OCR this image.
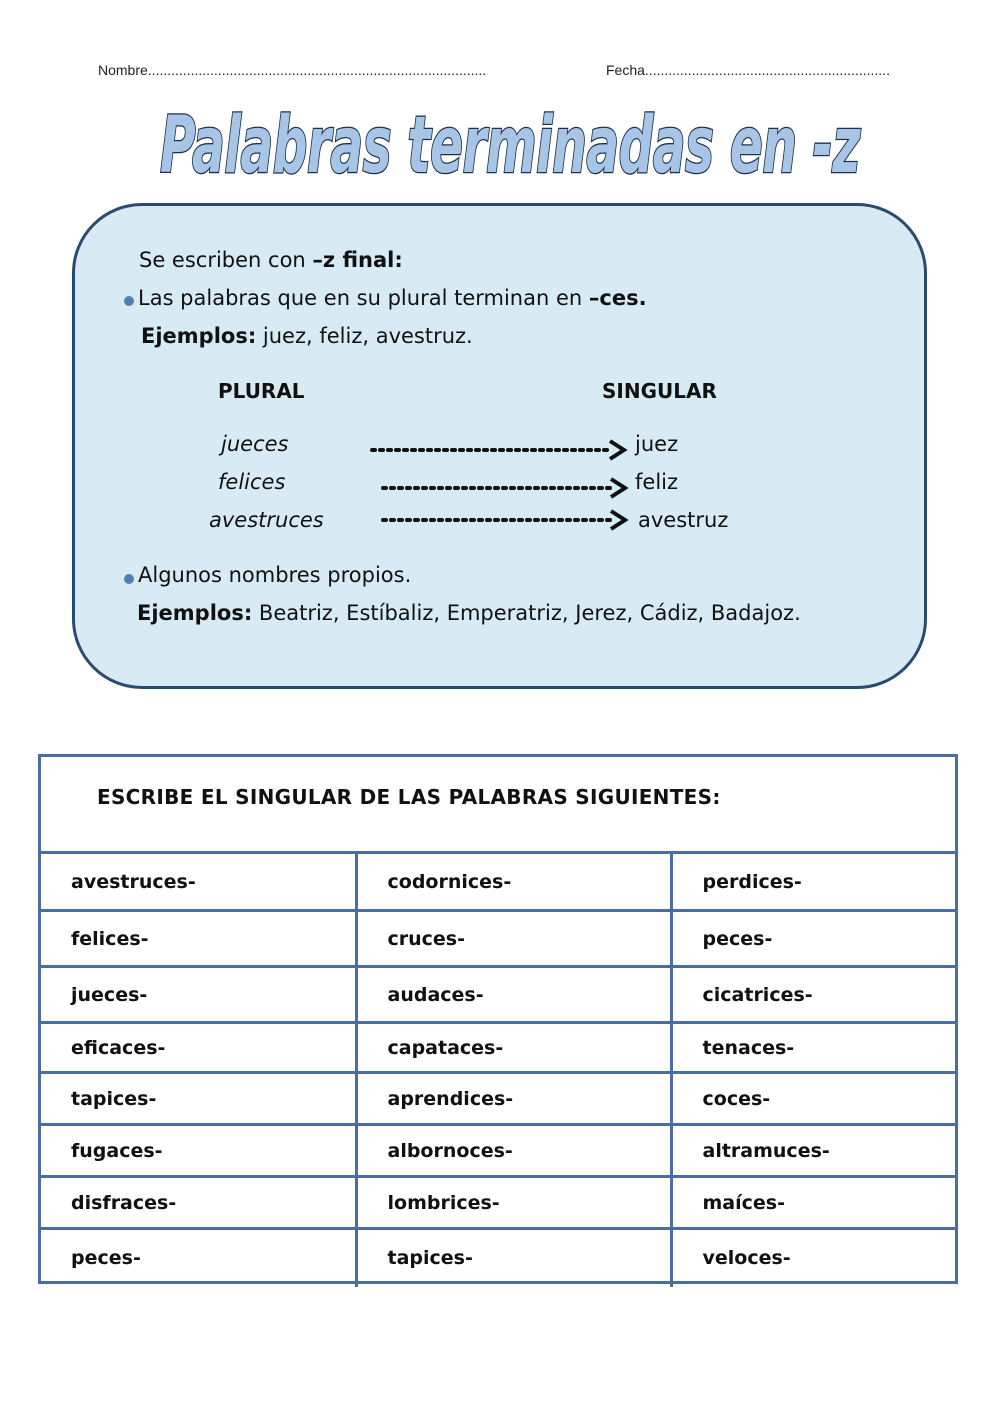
Nombre.......................................................................................	Fecha...............................................................
Palabras terminadas en -z
Se escriben con –z final:
Las palabras que en su plural terminan en –ces.
Ejemplos: juez, feliz, avestruz.
PLURAL	SINGULAR
jueces	juez
felices	feliz
avestruces	avestruz
Algunos nombres propios.
Ejemplos: Beatriz, Estíbaliz, Emperatriz, Jerez, Cádiz, Badajoz.
ESCRIBE EL SINGULAR DE LAS PALABRAS SIGUIENTES:
avestruces-	codornices-	perdices-
felices-	cruces-	peces-
jueces-	audaces-	cicatrices-
eficaces-	capataces-	tenaces-
tapices-	aprendices-	coces-
fugaces-	albornoces-	altramuces-
disfraces-	lombrices-	maíces-
peces-	tapices-	veloces-
